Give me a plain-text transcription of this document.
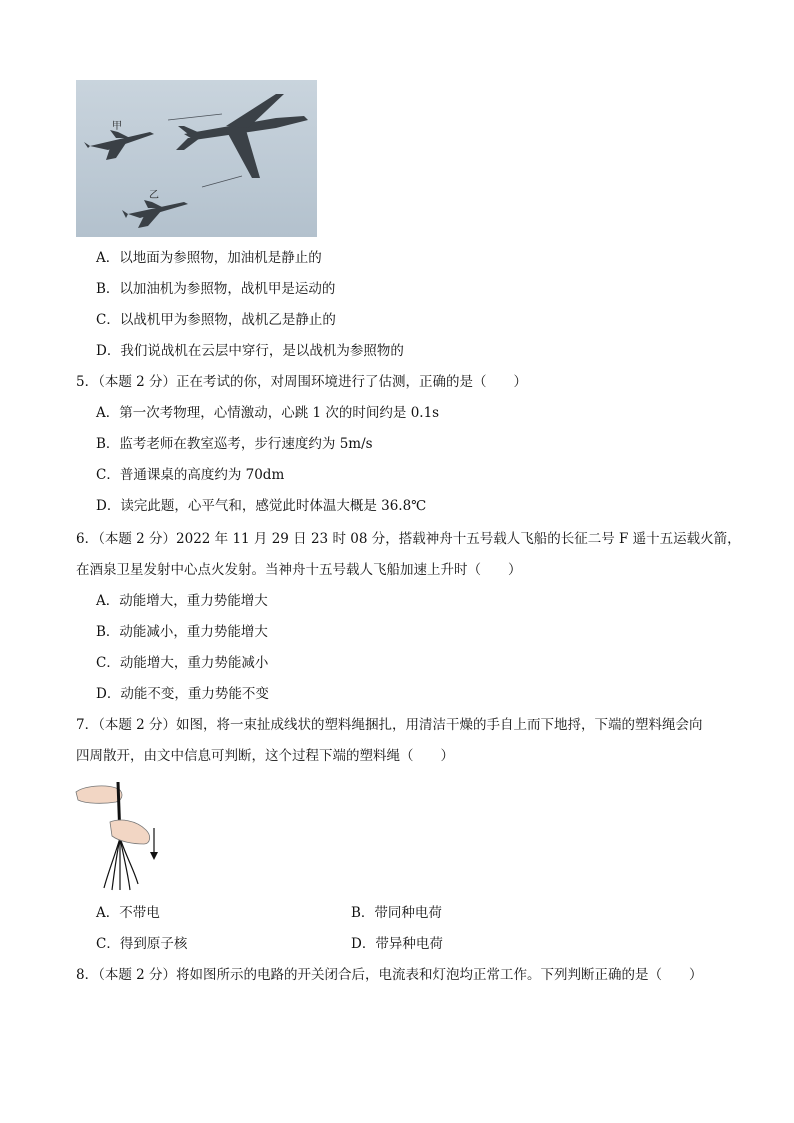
甲
乙
A．以地面为参照物，加油机是静止的
B．以加油机为参照物，战机甲是运动的
C．以战机甲为参照物，战机乙是静止的
D．我们说战机在云层中穿行，是以战机为参照物的
5．（本题 2 分）正在考试的你，对周围环境进行了估测，正确的是（　　）
A．第一次考物理，心情激动，心跳 1 次的时间约是 0.1s
B．监考老师在教室巡考，步行速度约为 5m/s
C．普通课桌的高度约为 70dm
D．读完此题，心平气和，感觉此时体温大概是 36.8℃
6．（本题 2 分）2022 年 11 月 29 日 23 时 08 分，搭载神舟十五号载人飞船的长征二号 F 遥十五运载火箭，
在酒泉卫星发射中心点火发射。当神舟十五号载人飞船加速上升时（　　）
A．动能增大，重力势能增大
B．动能减小，重力势能增大
C．动能增大，重力势能减小
D．动能不变，重力势能不变
7．（本题 2 分）如图，将一束扯成线状的塑料绳捆扎，用清洁干燥的手自上而下地捋，下端的塑料绳会向
四周散开，由文中信息可判断，这个过程下端的塑料绳（　　）
A．不带电	B．带同种电荷
C．得到原子核	D．带异种电荷
8．（本题 2 分）将如图所示的电路的开关闭合后，电流表和灯泡均正常工作。下列判断正确的是（　　）
